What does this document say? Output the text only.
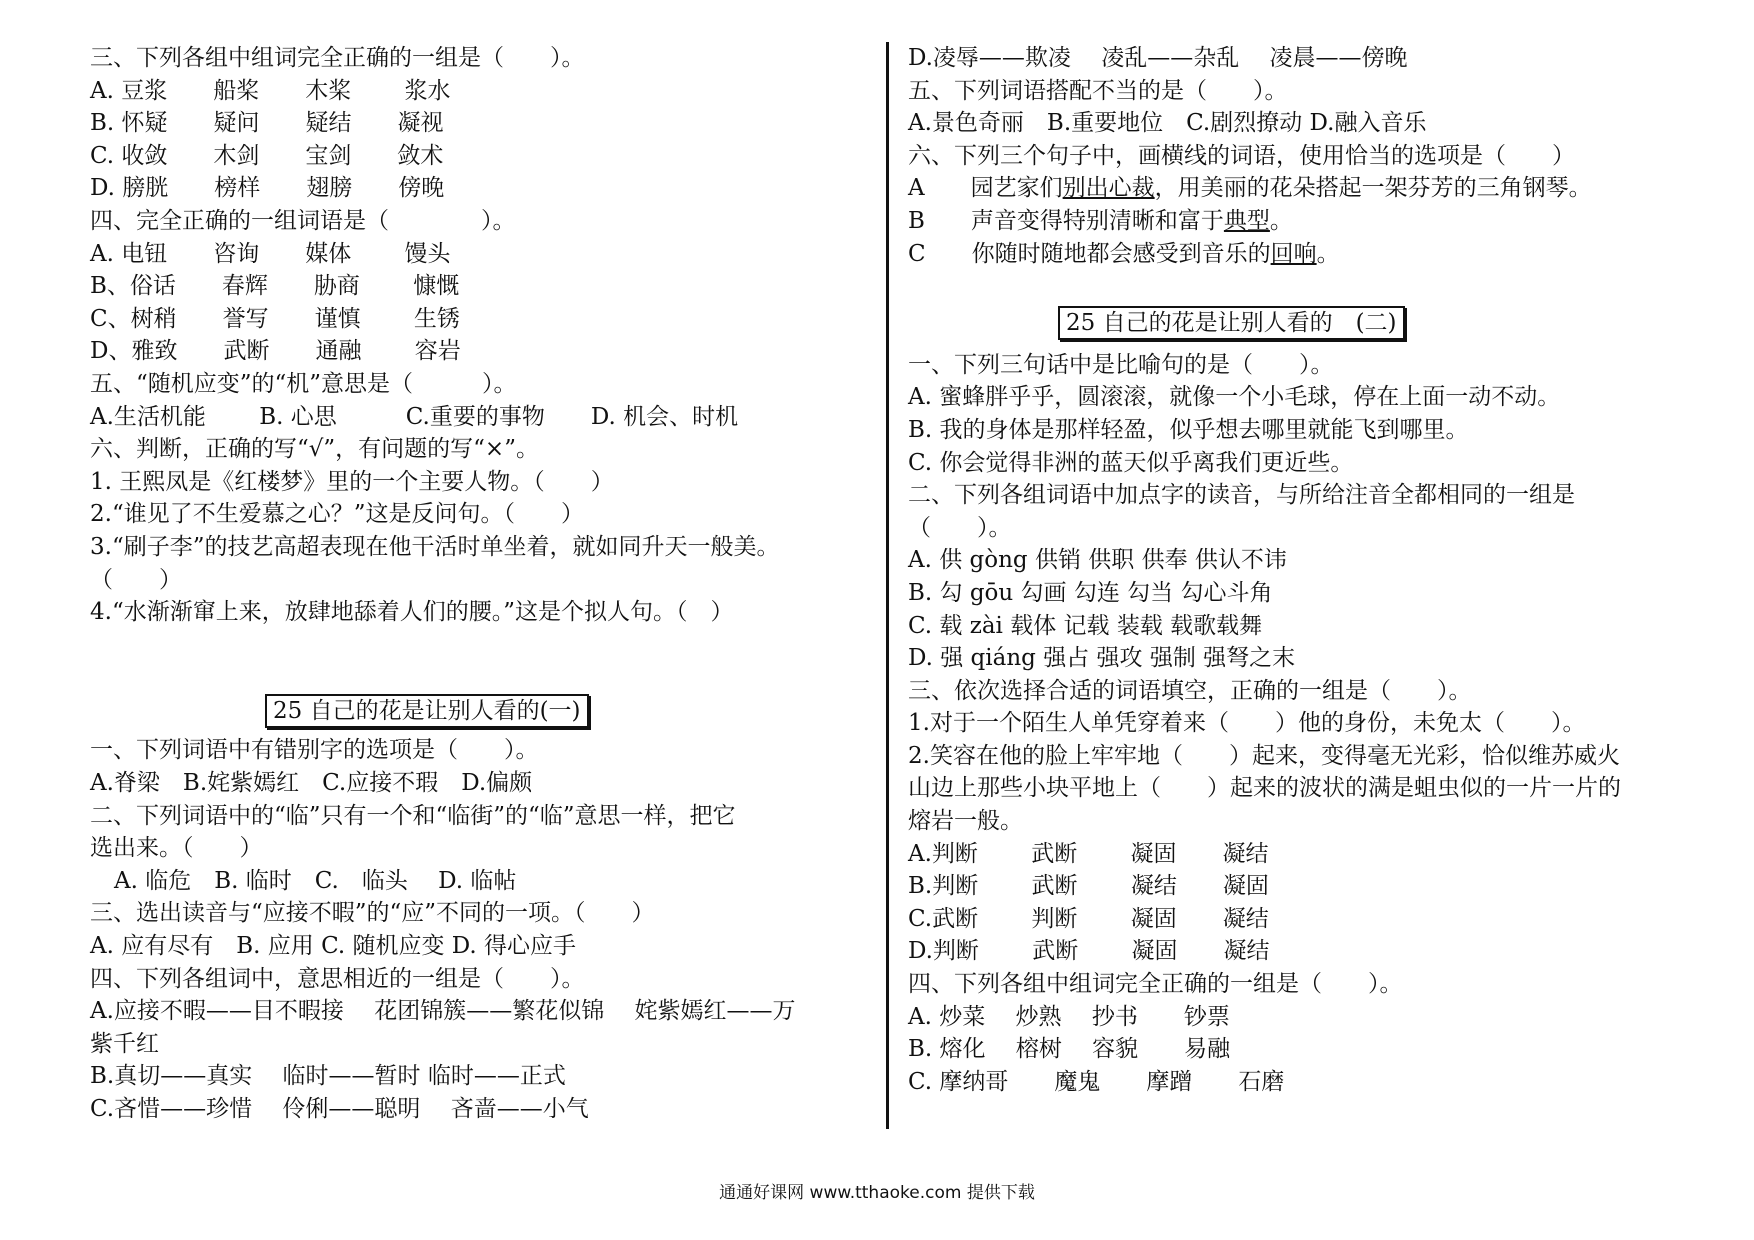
三、下列各组中组词完全正确的一组是（　　）。
A. 豆浆　　船桨　　木桨　　 浆水
B. 怀疑　　疑问　　疑结　　凝视
C. 收敛　　木剑　　宝剑　　敛术
D. 膀胱　　榜样　　翅膀　　傍晚
四、完全正确的一组词语是（　　　　）。
A. 电钮　　咨询　　媒体　　 馒头
B、俗话　　春辉　　胁商　　 慷慨
C、树稍　　誉写　　谨慎　　 生锈
D、雅致　　武断　　通融　　 容岩
五、“随机应变”的“机”意思是（　　　）。
A.生活机能　　 B. 心思　　　C.重要的事物　　D. 机会、时机
六、判断，正确的写“√”，有问题的写“×”。
1. 王熙凤是《红楼梦》里的一个主要人物。（　　）
2.“谁见了不生爱慕之心？”这是反问句。（　　）
3.“刷子李”的技艺高超表现在他干活时单坐着，就如同升天一般美。
（　　）
4.“水渐渐窜上来，放肆地舔着人们的腰。”这是个拟人句。（　）
25 自己的花是让别人看的(一)
一、下列词语中有错别字的选项是（　　）。
A.脊梁　B.姹紫嫣红　C.应接不瑕　D.偏颇
二、下列词语中的“临”只有一个和“临街”的“临”意思一样，把它
选出来。（　　）
A. 临危　B. 临时　C.　临头　 D. 临帖
三、选出读音与“应接不暇”的“应”不同的一项。（　　）
A. 应有尽有　B. 应用 C. 随机应变 D. 得心应手
四、下列各组词中，意思相近的一组是（　　）。
A.应接不暇——目不暇接　 花团锦簇——繁花似锦　 姹紫嫣红——万
紫千红
B.真切——真实　 临时——暂时 临时——正式
C.吝惜——珍惜　 伶俐——聪明　 吝啬——小气
D.凌辱——欺凌　 凌乱——杂乱　 凌晨——傍晚
五、下列词语搭配不当的是（　　）。
A.景色奇丽　B.重要地位　C.剧烈撩动 D.融入音乐
六、下列三个句子中，画横线的词语，使用恰当的选项是（　　）
A　　园艺家们别出心裁，用美丽的花朵搭起一架芬芳的三角钢琴。
B　　声音变得特别清晰和富于典型。
C　　你随时随地都会感受到音乐的回响。
25 自己的花是让别人看的　(二)
一、下列三句话中是比喻句的是（　　）。
A. 蜜蜂胖乎乎，圆滚滚，就像一个小毛球，停在上面一动不动。
B. 我的身体是那样轻盈，似乎想去哪里就能飞到哪里。
C. 你会觉得非洲的蓝天似乎离我们更近些。
二、下列各组词语中加点字的读音，与所给注音全都相同的一组是
（　　）。
A. 供 gòng 供销 供职 供奉 供认不讳
B. 勾 gōu 勾画 勾连 勾当 勾心斗角
C. 载 zài 载体 记载 装载 载歌载舞
D. 强 qiáng 强占 强攻 强制 强弩之末
三、依次选择合适的词语填空，正确的一组是（　　）。
1.对于一个陌生人单凭穿着来（　　）他的身份，未免太（　　）。
2.笑容在他的脸上牢牢地（　　）起来，变得毫无光彩，恰似维苏威火
山边上那些小块平地上（　　）起来的波状的满是蛆虫似的一片一片的
熔岩一般。
A.判断　　 武断　　 凝固　　凝结
B.判断　　 武断　　 凝结　　凝固
C.武断　　 判断　　 凝固　　凝结
D.判断　　 武断　　 凝固　　凝结
四、下列各组中组词完全正确的一组是（　　）。
A. 炒菜　 炒熟　 抄书　　钞票
B. 熔化　 榕树　 容貌　　易融
C. 摩纳哥　　魔鬼　　摩蹭　　石磨
通通好课网 www.tthaoke.com 提供下载
